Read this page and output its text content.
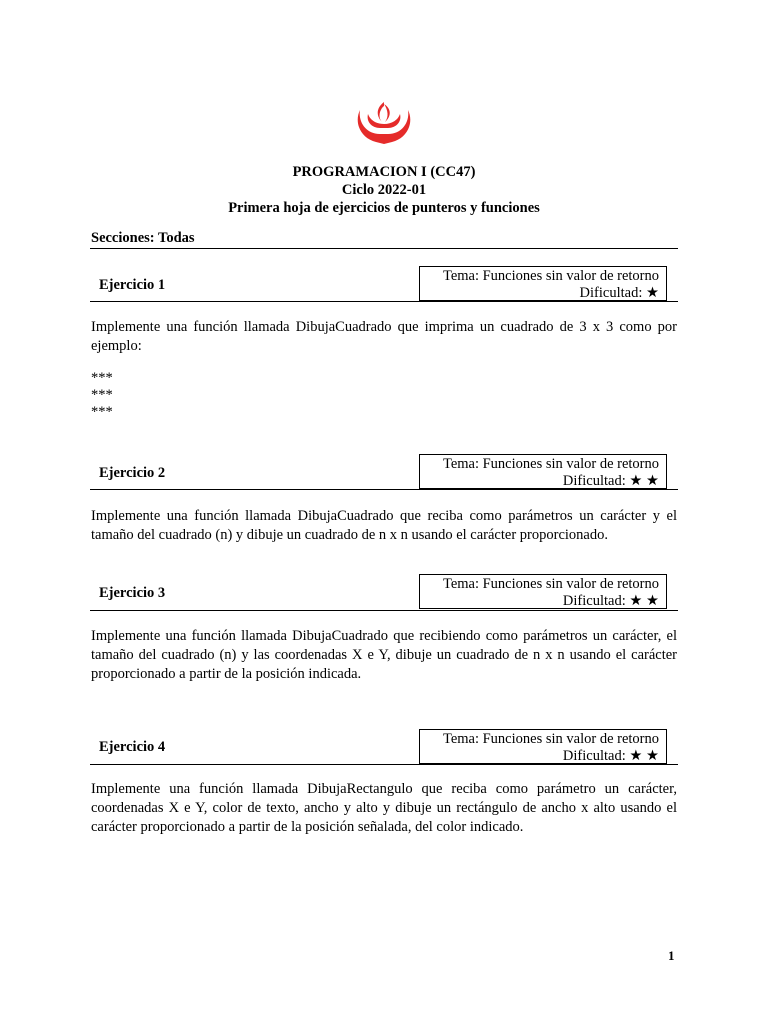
PROGRAMACION I (CC47)
Ciclo 2022-01
Primera hoja de ejercicios de punteros y funciones
Secciones: Todas
Ejercicio 1
Tema: Funciones sin valor de retorno
Dificultad: ★

Implemente una función llamada DibujaCuadrado que imprima un cuadrado de 3 x 3 como por ejemplo:

***
***
***
Ejercicio 2
Tema: Funciones sin valor de retorno
Dificultad: ★ ★

Implemente una función llamada DibujaCuadrado que reciba como parámetros un carácter y el tamaño del cuadrado (n) y dibuje un cuadrado de n x n usando el carácter proporcionado.

Ejercicio 3
Tema: Funciones sin valor de retorno
Dificultad: ★ ★

Implemente una función llamada DibujaCuadrado que recibiendo como parámetros un carácter, el tamaño del cuadrado (n) y las coordenadas X e Y, dibuje un cuadrado de n x n usando el carácter proporcionado a partir de la posición indicada.

Ejercicio 4	Tema: Funciones sin valor de retorno
Dificultad: ★ ★

Implemente una función llamada DibujaRectangulo que reciba como parámetro un carácter, coordenadas X e Y, color de texto, ancho y alto y dibuje un rectángulo de ancho x alto usando el carácter proporcionado a partir de la posición señalada, del color indicado.

1
